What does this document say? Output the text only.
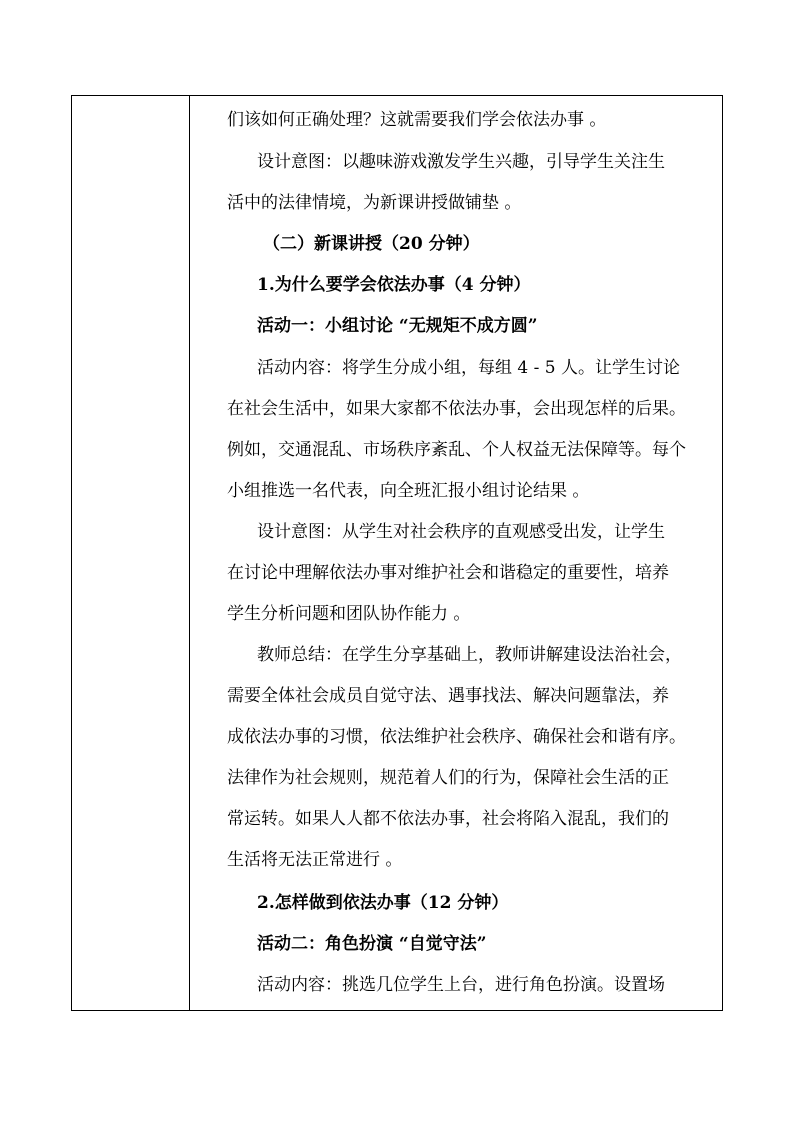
们该如何正确处理？这就需要我们学会依法办事 。
设计意图：以趣味游戏激发学生兴趣，引导学生关注生
活中的法律情境，为新课讲授做铺垫 。
（二）新课讲授（20 分钟）
1.为什么要学会依法办事（4 分钟）
活动一：小组讨论 “无规矩不成方圆”
活动内容：将学生分成小组，每组 4 - 5 人。让学生讨论
在社会生活中，如果大家都不依法办事，会出现怎样的后果。
例如，交通混乱、市场秩序紊乱、个人权益无法保障等。每个
小组推选一名代表，向全班汇报小组讨论结果 。
设计意图：从学生对社会秩序的直观感受出发，让学生
在讨论中理解依法办事对维护社会和谐稳定的重要性，培养
学生分析问题和团队协作能力 。
教师总结：在学生分享基础上，教师讲解建设法治社会，
需要全体社会成员自觉守法、遇事找法、解决问题靠法，养
成依法办事的习惯，依法维护社会秩序、确保社会和谐有序。
法律作为社会规则，规范着人们的行为，保障社会生活的正
常运转。如果人人都不依法办事，社会将陷入混乱，我们的
生活将无法正常进行 。
2.怎样做到依法办事（12 分钟）
活动二：角色扮演 “自觉守法”
活动内容：挑选几位学生上台，进行角色扮演。设置场
